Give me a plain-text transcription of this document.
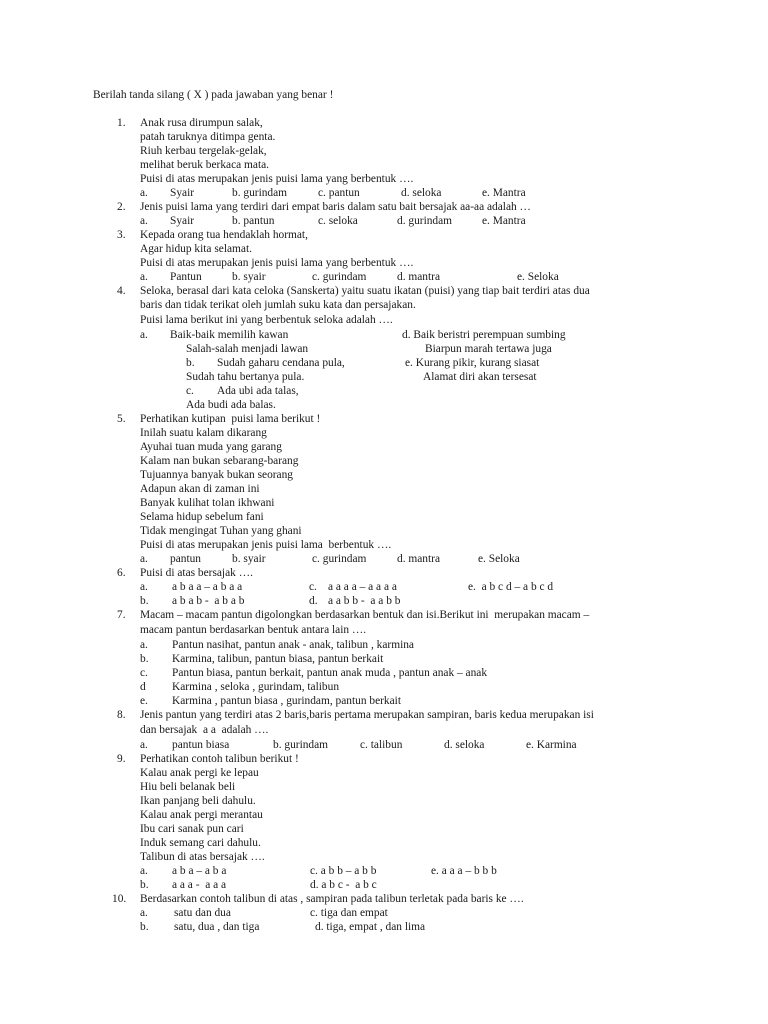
Berilah tanda silang ( X ) pada jawaban yang benar !
1. Anak rusa dirumpun salak,
patah taruknya ditimpa genta.
Riuh kerbau tergelak-gelak,
melihat beruk berkaca mata.
Puisi di atas merupakan jenis puisi lama yang berbentuk ….
a. Syair	b. gurindam	c. pantun	d. seloka	e. Mantra
2. Jenis puisi lama yang terdiri dari empat baris dalam satu bait bersajak aa-aa adalah …
a. Syair	b. pantun	c. seloka	d. gurindam	e. Mantra
3. Kepada orang tua hendaklah hormat,
Agar hidup kita selamat.
Puisi di atas merupakan jenis puisi lama yang berbentuk ….
a. Pantun	b. syair	c. gurindam	d. mantra	e. Seloka
4. Seloka, berasal dari kata celoka (Sanskerta) yaitu suatu ikatan (puisi) yang tiap bait terdiri atas dua
baris dan tidak terikat oleh jumlah suku kata dan persajakan.
Puisi lama berikut ini yang berbentuk seloka adalah ….
a. Baik-baik memilih kawan
Salah-salah menjadi lawan
b. Sudah gaharu cendana pula,
Sudah tahu bertanya pula.
c. Ada ubi ada talas,
Ada budi ada balas.
d. Baik beristri perempuan sumbing
Biarpun marah tertawa juga
e. Kurang pikir, kurang siasat
Alamat diri akan tersesat
5. Perhatikan kutipan  puisi lama berikut !
Inilah suatu kalam dikarang
Ayuhai tuan muda yang garang
Kalam nan bukan sebarang-barang
Tujuannya banyak bukan seorang
Adapun akan di zaman ini
Banyak kulihat tolan ikhwani
Selama hidup sebelum fani
Tidak mengingat Tuhan yang ghani
Puisi di atas merupakan jenis puisi lama  berbentuk ….
a. pantun	b. syair	c. gurindam	d. mantra	e. Seloka
6. Puisi di atas bersajak ….
a. a b a a – a b a a	c. a a a a – a a a a	e.  a b c d – a b c d
b. a b a b -  a b a b	d. a a b b -  a a b b
7. Macam – macam pantun digolongkan berdasarkan bentuk dan isi.Berikut ini  merupakan macam –
macam pantun berdasarkan bentuk antara lain ….
a. Pantun nasihat, pantun anak - anak, talibun , karmina
b. Karmina, talibun, pantun biasa, pantun berkait
c. Pantun biasa, pantun berkait, pantun anak muda , pantun anak – anak
d Karmina , seloka , gurindam, talibun
e. Karmina , pantun biasa , gurindam, pantun berkait
8. Jenis pantun yang terdiri atas 2 baris,baris pertama merupakan sampiran, baris kedua merupakan isi
dan bersajak  a a  adalah ….
a. pantun biasa	b. gurindam	c. talibun	d. seloka	e. Karmina
9. Perhatikan contoh talibun berikut !
Kalau anak pergi ke lepau
Hiu beli belanak beli
Ikan panjang beli dahulu.
Kalau anak pergi merantau
Ibu cari sanak pun cari
Induk semang cari dahulu.
Talibun di atas bersajak ….
a. a b a – a b a	c. a b b – a b b	e. a a a – b b b
b. a a a -  a a a	d. a b c -  a b c
10. Berdasarkan contoh talibun di atas , sampiran pada talibun terletak pada baris ke ….
a. satu dan dua	c. tiga dan empat
b. satu, dua , dan tiga	d. tiga, empat , dan lima
